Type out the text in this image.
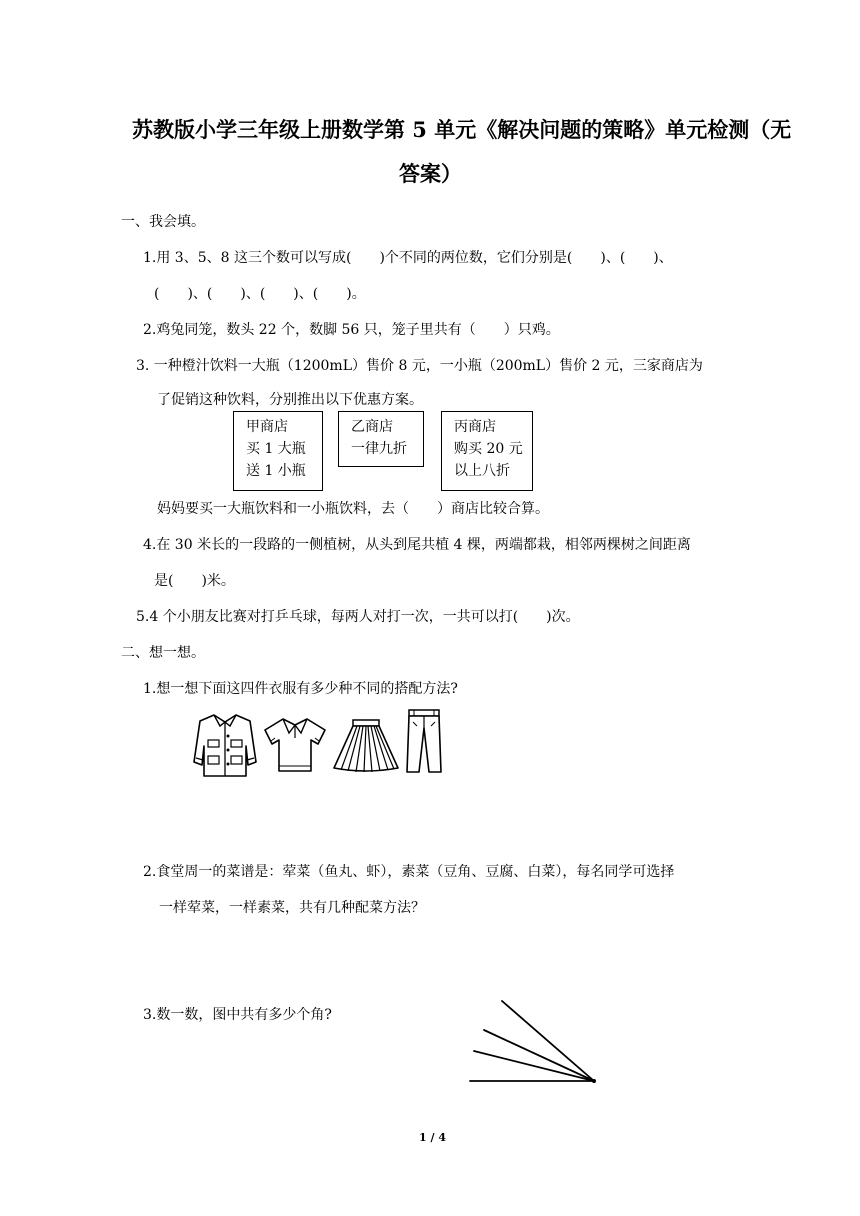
苏教版小学三年级上册数学第 5 单元《解决问题的策略》单元检测（无
答案）
一、我会填。
1.用 3、5、8 这三个数可以写成(　　)个不同的两位数，它们分别是(　　)、(　　)、
(　　)、(　　)、(　　)、(　　)。
2.鸡兔同笼，数头 22 个，数脚 56 只，笼子里共有（　　）只鸡。
3. 一种橙汁饮料一大瓶（1200mL）售价 8 元，一小瓶（200mL）售价 2 元，三家商店为
了促销这种饮料，分别推出以下优惠方案。
甲商店
买 1 大瓶
送 1 小瓶
乙商店
一律九折
丙商店
购买 20 元
以上八折
妈妈要买一大瓶饮料和一小瓶饮料，去（　　）商店比较合算。
4.在 30 米长的一段路的一侧植树，从头到尾共植 4 棵，两端都栽，相邻两棵树之间距离
是(　　)米。
5.4 个小朋友比赛对打乒乓球，每两人对打一次，一共可以打(　　)次。
二、想一想。
1.想一想下面这四件衣服有多少种不同的搭配方法?
2.食堂周一的菜谱是：荤菜（鱼丸、虾），素菜（豆角、豆腐、白菜），每名同学可选择
一样荤菜，一样素菜，共有几种配菜方法？
3.数一数，图中共有多少个角?
1 / 4
